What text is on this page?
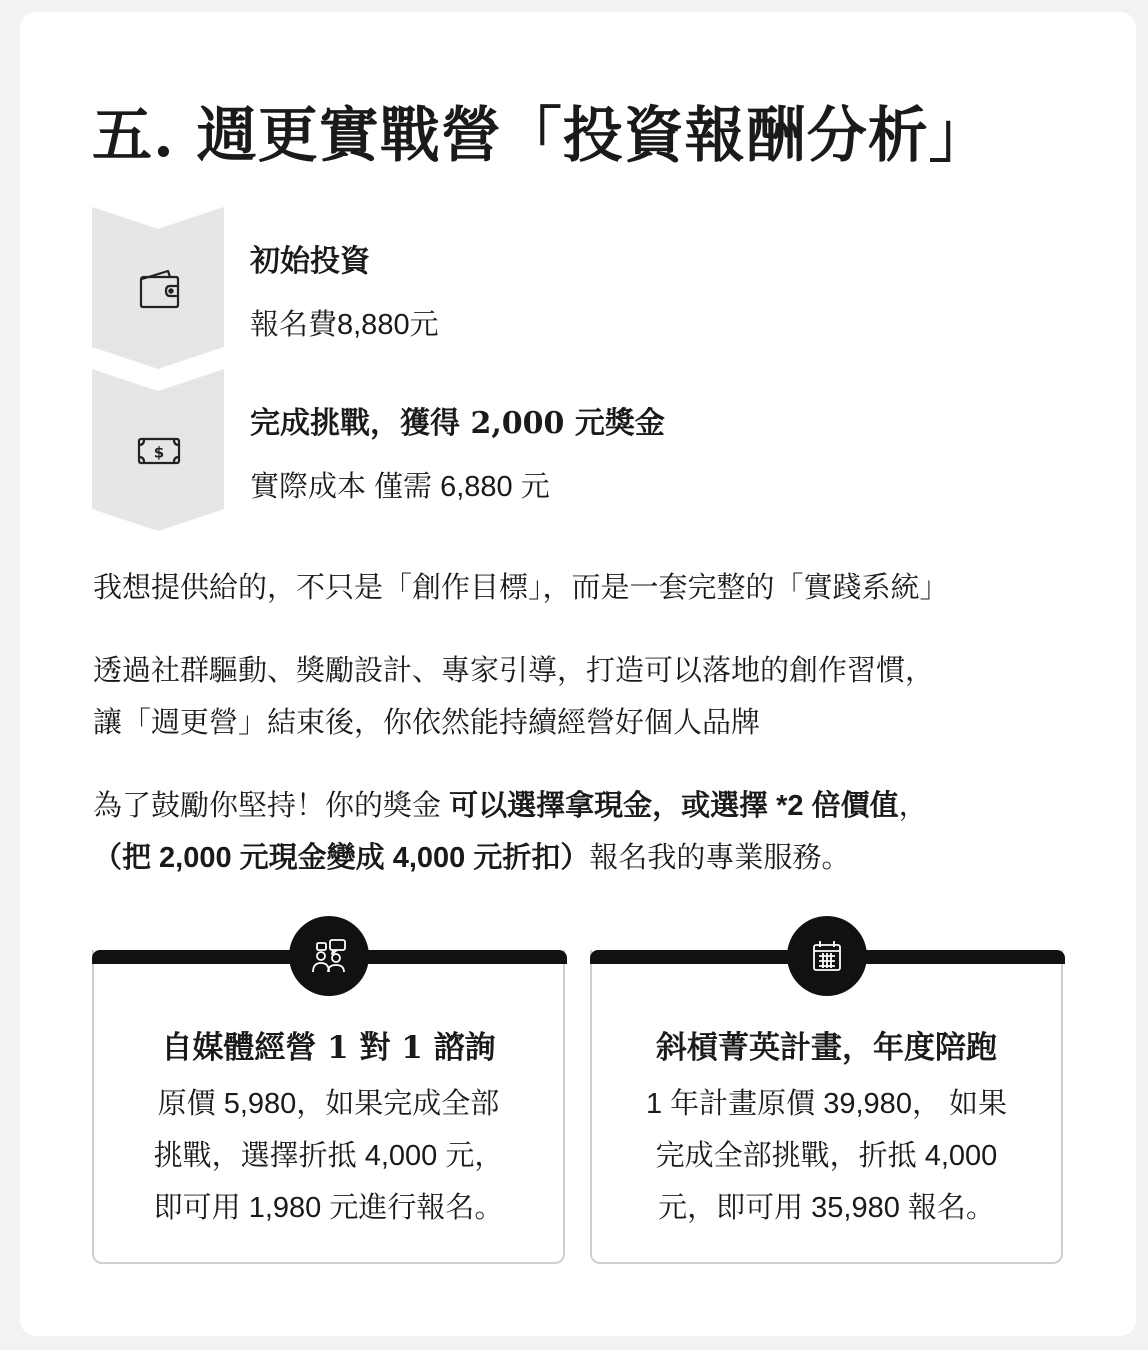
五. 週更實戰營「投資報酬分析」
初始投資
報名費8,880元
$
完成挑戰，獲得 2,000 元獎金
實際成本 僅需 6,880 元

我想提供給的，不只是「創作目標」，而是一套完整的「實踐系統」

透過社群驅動、獎勵設計、專家引導，打造可以落地的創作習慣，
讓「週更營」結束後，你依然能持續經營好個人品牌
為了鼓勵你堅持！你的獎金 可以選擇拿現金，或選擇 *2 倍價值，
（把 2,000 元現金變成 4,000 元折扣）報名我的專業服務。
自媒體經營 1 對 1 諮詢
原價 5,980，如果完成全部
挑戰，選擇折抵 4,000 元，
即可用 1,980 元進行報名。
斜槓菁英計畫，年度陪跑
1 年計畫原價 39,980， 如果
完成全部挑戰，折抵 4,000
元，即可用 35,980 報名。
